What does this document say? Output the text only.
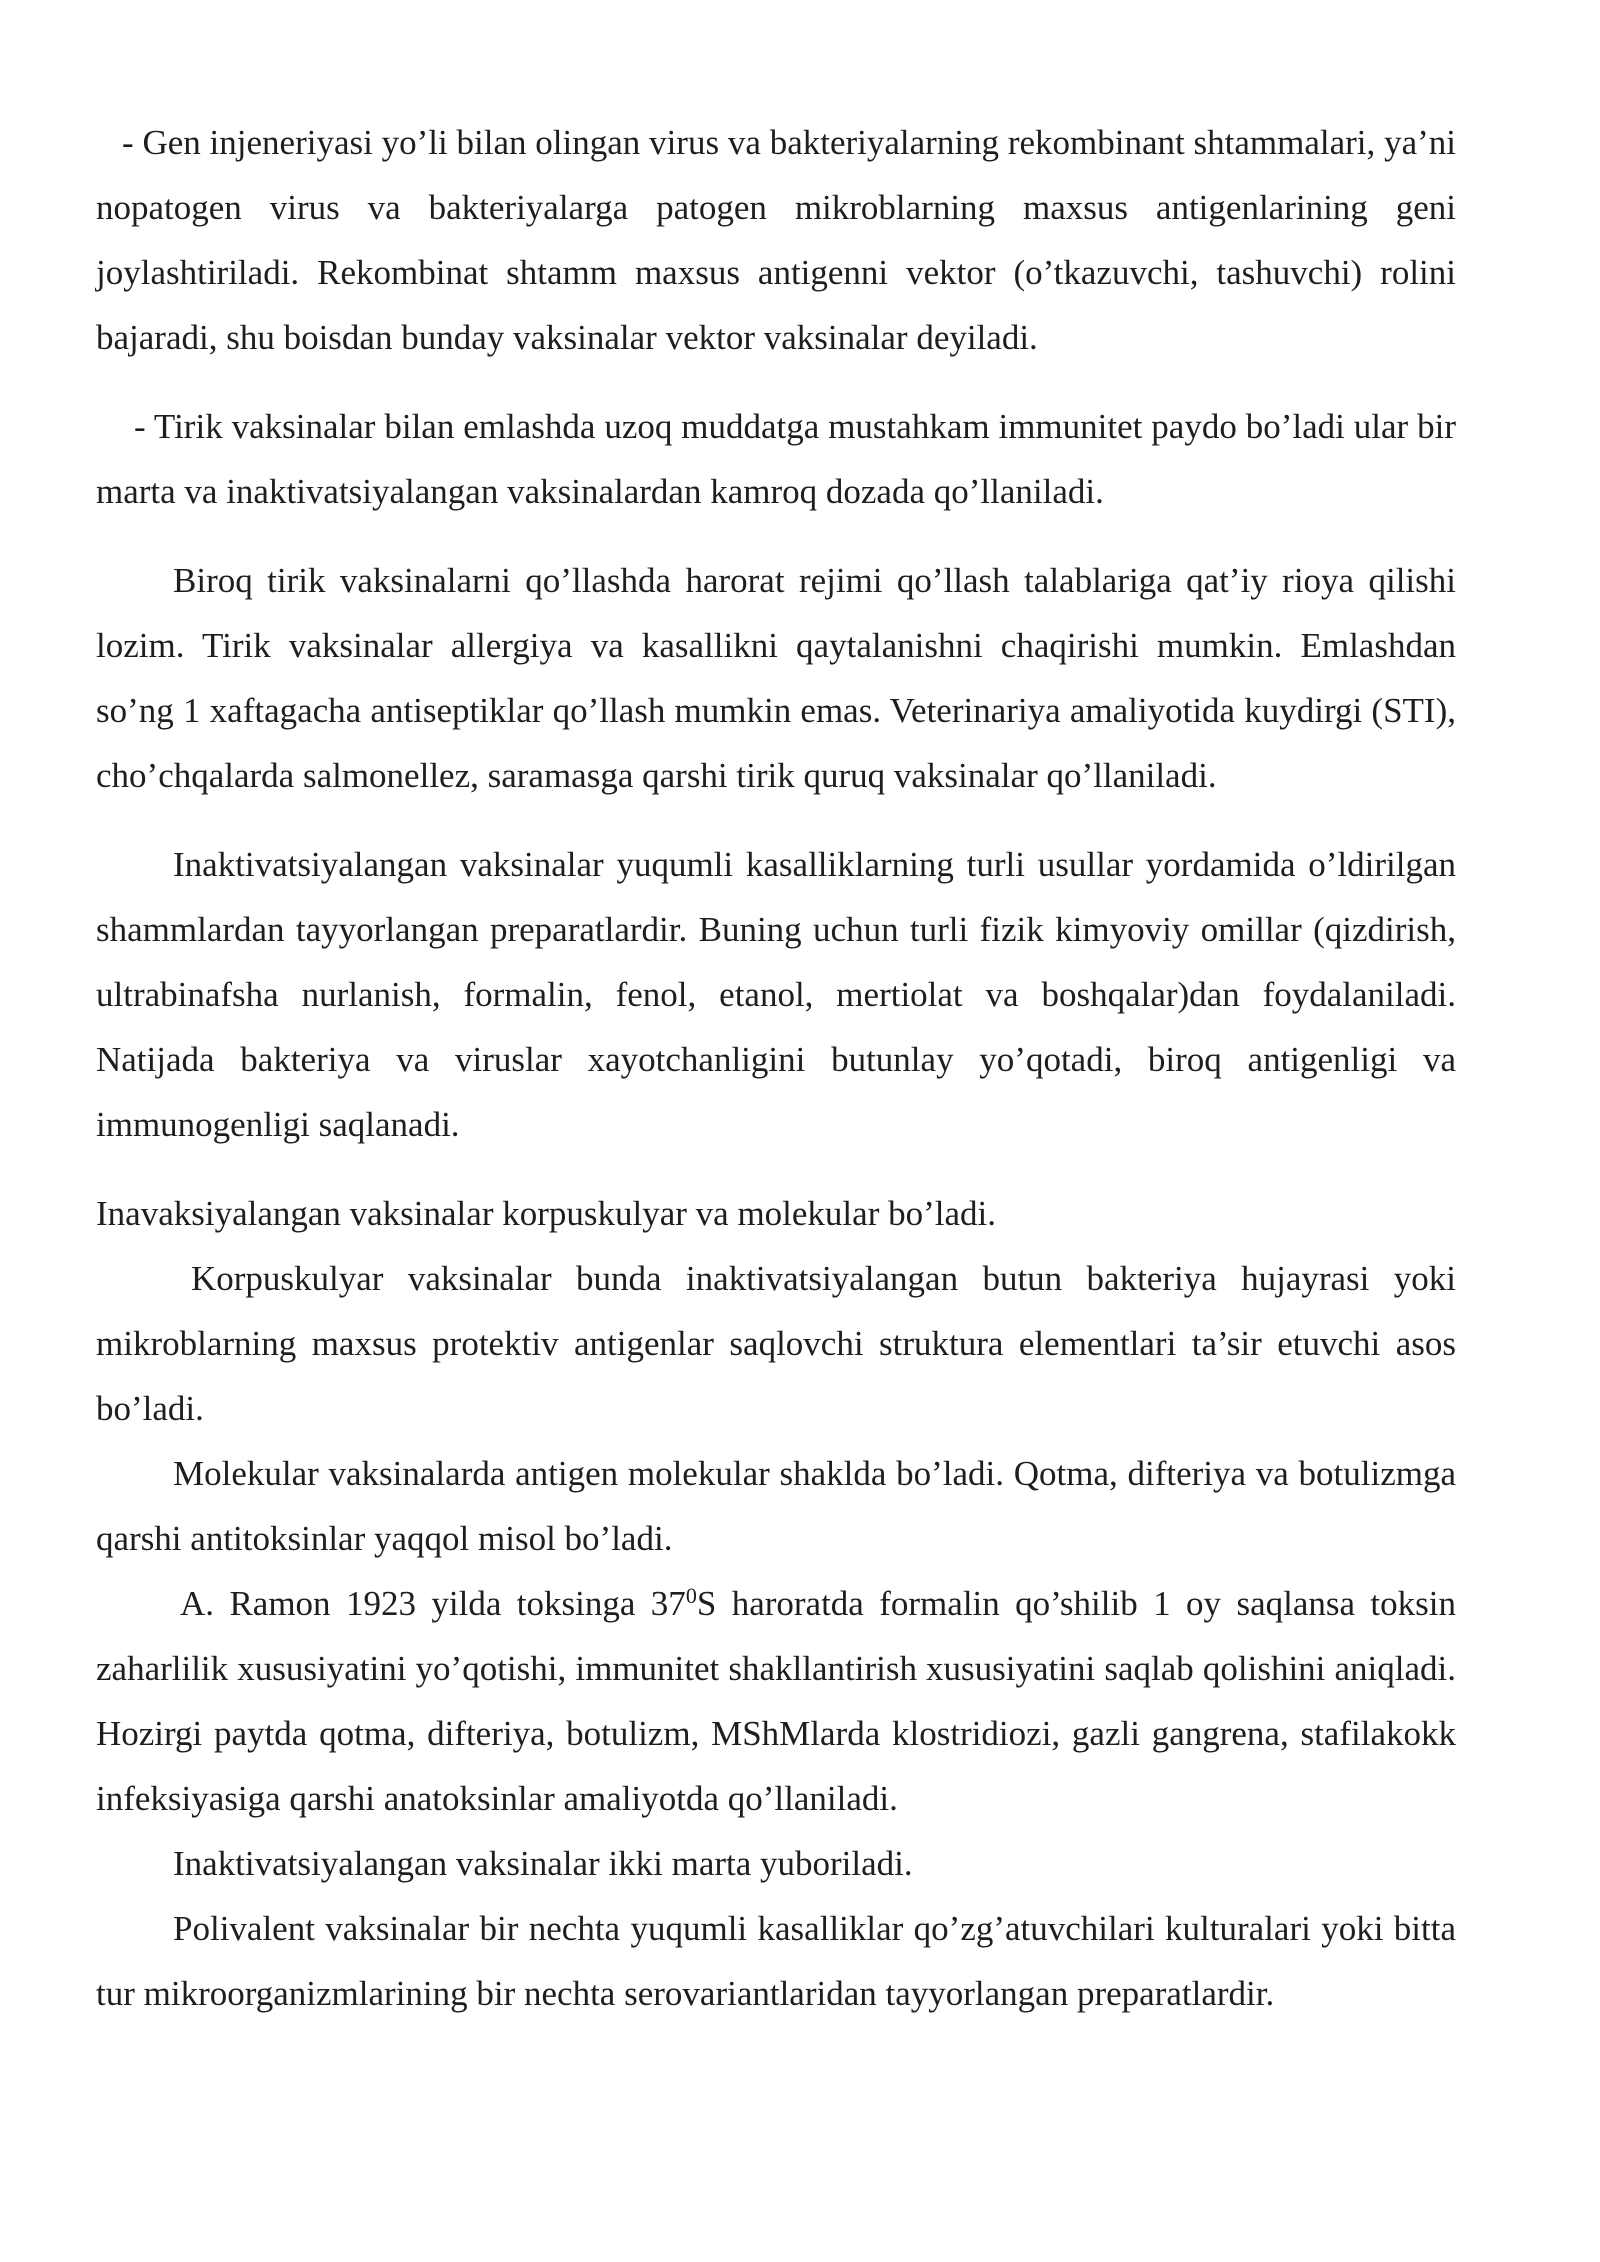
- Gen injeneriyasi yo’li bilan olingan virus va bakteriyalarning rekombinant shtammalari, ya’ni nopatogen virus va bakteriyalarga patogen mikroblarning maxsus antigenlarining geni joylashtiriladi. Rekombinat shtamm maxsus antigenni vektor (o’tkazuvchi, tashuvchi) rolini bajaradi, shu boisdan bunday vaksinalar vektor vaksinalar deyiladi.

- Tirik vaksinalar bilan emlashda uzoq muddatga mustahkam immunitet paydo bo’ladi ular bir marta va inaktivatsiyalangan vaksinalardan kamroq dozada qo’llaniladi.

Biroq tirik vaksinalarni qo’llashda harorat rejimi qo’llash talablariga qat’iy rioya qilishi lozim. Tirik vaksinalar allergiya va kasallikni qaytalanishni chaqirishi mumkin. Emlashdan so’ng 1 xaftagacha antiseptiklar qo’llash mumkin emas. Veterinariya amaliyotida kuydirgi (STI), cho’chqalarda salmonellez, saramasga qarshi tirik quruq vaksinalar qo’llaniladi.

Inaktivatsiyalangan vaksinalar yuqumli kasalliklarning turli usullar yordamida o’ldirilgan shammlardan tayyorlangan preparatlardir. Buning uchun turli fizik kimyoviy omillar (qizdirish, ultrabinafsha nurlanish, formalin, fenol, etanol, mertiolat va boshqalar)dan foydalaniladi. Natijada bakteriya va viruslar xayotchanligini butunlay yo’qotadi, biroq antigenligi va immunogenligi saqlanadi.

Inavaksiyalangan vaksinalar korpuskulyar va molekular bo’ladi.

Korpuskulyar vaksinalar bunda inaktivatsiyalangan butun bakteriya hujayrasi yoki mikroblarning maxsus protektiv antigenlar saqlovchi struktura elementlari ta’sir etuvchi asos bo’ladi.

Molekular vaksinalarda antigen molekular shaklda bo’ladi. Qotma, difteriya va botulizmga qarshi antitoksinlar yaqqol misol bo’ladi.

A. Ramon 1923 yilda toksinga $37^0S$ haroratda formalin qo’shilib 1 oy saqlansa toksin zaharlilik xususiyatini yo’qotishi, immunitet shakllantirish xususiyatini saqlab qolishini aniqladi. Hozirgi paytda qotma, difteriya, botulizm, MShMlarda klostridiozi, gazli gangrena, stafilakokk infeksiyasiga qarshi anatoksinlar amaliyotda qo’llaniladi.

Inaktivatsiyalangan vaksinalar ikki marta yuboriladi.

Polivalent vaksinalar bir nechta yuqumli kasalliklar qo’zg’atuvchilari kulturalari yoki bitta tur mikroorganizmlarining bir nechta serovariantlaridan tayyorlangan preparatlardir.
